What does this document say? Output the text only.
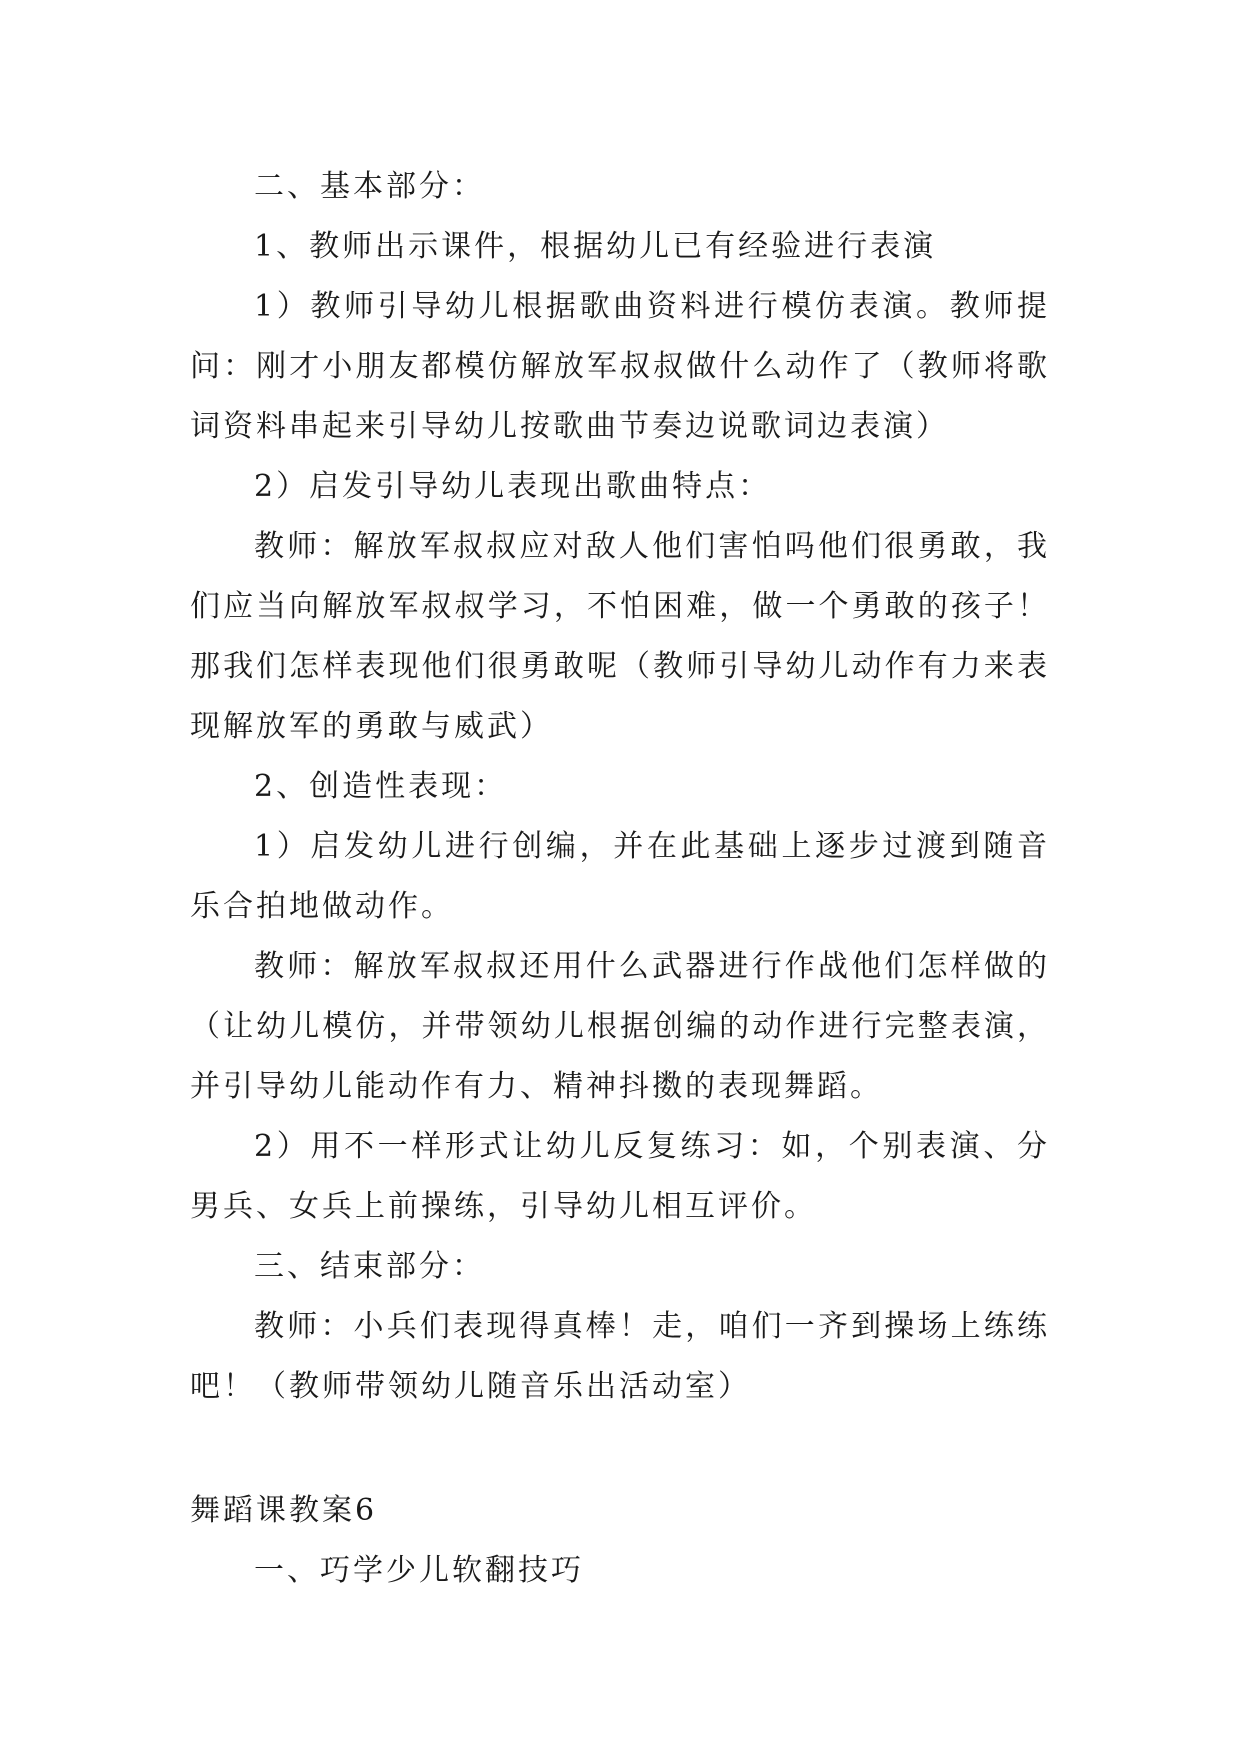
二、基本部分：

1、教师出示课件，根据幼儿已有经验进行表演

1）教师引导幼儿根据歌曲资料进行模仿表演。教师提问：刚才小朋友都模仿解放军叔叔做什么动作了（教师将歌词资料串起来引导幼儿按歌曲节奏边说歌词边表演）

2）启发引导幼儿表现出歌曲特点：

教师：解放军叔叔应对敌人他们害怕吗他们很勇敢，我们应当向解放军叔叔学习，不怕困难，做一个勇敢的孩子！那我们怎样表现他们很勇敢呢（教师引导幼儿动作有力来表现解放军的勇敢与威武）

2、创造性表现：

1）启发幼儿进行创编，并在此基础上逐步过渡到随音乐合拍地做动作。

教师：解放军叔叔还用什么武器进行作战他们怎样做的（让幼儿模仿，并带领幼儿根据创编的动作进行完整表演，并引导幼儿能动作有力、精神抖擞的表现舞蹈。

2）用不一样形式让幼儿反复练习：如，个别表演、分男兵、女兵上前操练，引导幼儿相互评价。

三、结束部分：

教师：小兵们表现得真棒！走，咱们一齐到操场上练练吧！（教师带领幼儿随音乐出活动室）

舞蹈课教案6

一、巧学少儿软翻技巧
